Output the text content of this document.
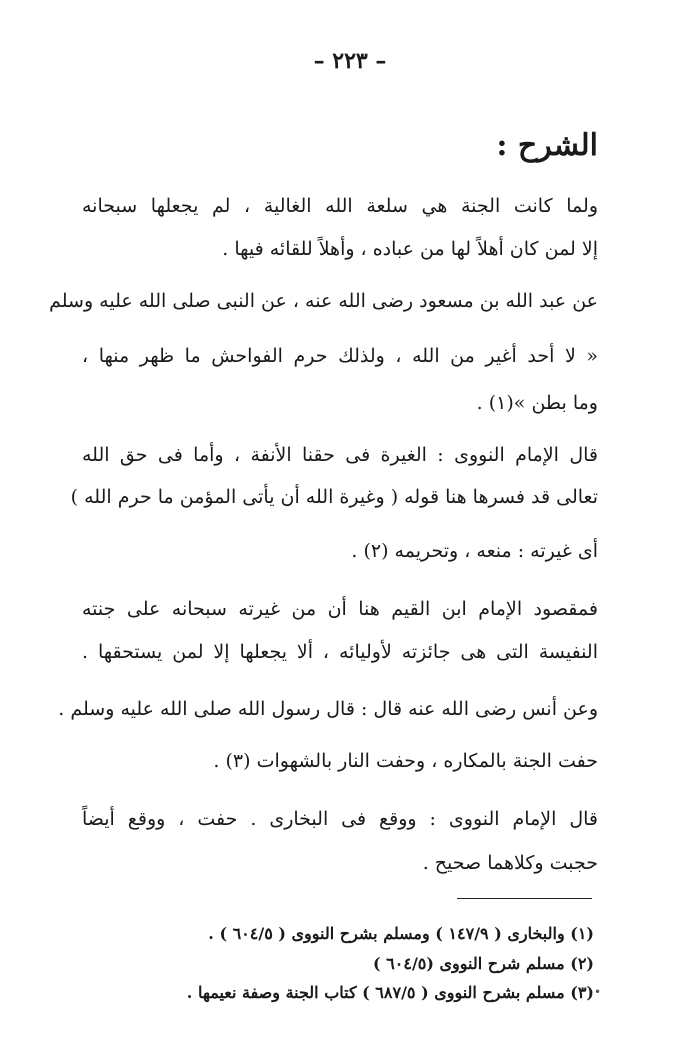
– ٢٢٣ –
الشرح :
ولما كانت الجنة هي سلعة الله الغالية ، لم يجعلها سبحانه
إلا لمن كان أهلاً لها من عباده ، وأهلاً للقائه فيها .
عن عبد الله بن مسعود رضى الله عنه ، عن النبى صلى الله عليه وسلم
« لا أحد أغير من الله ، ولذلك حرم الفواحش ما ظهر منها ،
وما بطن »(١) .
قال الإمام النووى : الغيرة فى حقنا الأنفة ، وأما فى حق الله
تعالى قد فسرها هنا قوله ( وغيرة الله أن يأتى المؤمن ما حرم الله )
أى غيرته : منعه ، وتحريمه (٢) .
فمقصود الإمام ابن القيم هنا أن من غيرته سبحانه على جنته
النفيسة التى هى جائزته لأوليائه ، ألا يجعلها إلا لمن يستحقها .
وعن أنس رضى الله عنه قال : قال رسول الله صلى الله عليه وسلم .
حفت الجنة بالمكاره ، وحفت النار بالشهوات (٣) .
قال الإمام النووى : ووقع فى البخارى . حفت ، ووقع أيضاً
حجبت وكلاهما صحيح .
(١) والبخارى ( ١٤٧/٩ ) ومسلم بشرح النووى ( ٦٠٤/٥ ) .
(٢) مسلم شرح النووى (٦٠٤/٥ )
(٣) مسلم بشرح النووى ( ٦٨٧/٥ ) كتاب الجنة وصفة نعيمها . •
